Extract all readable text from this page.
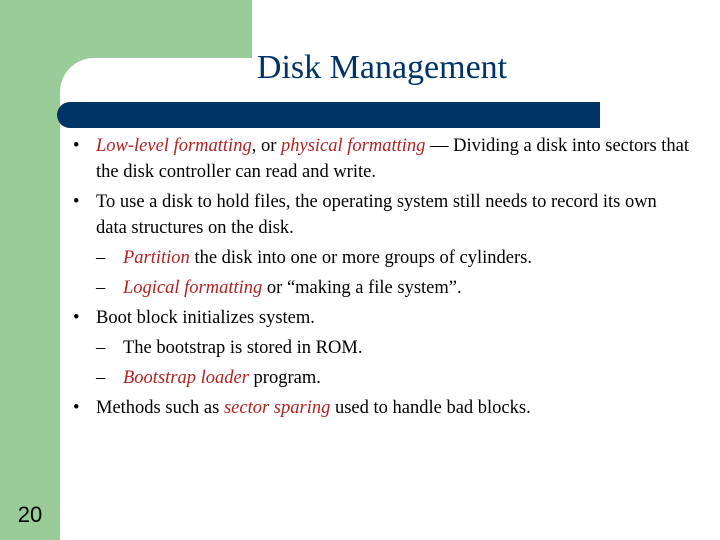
Disk Management
• Low-level formatting, or physical formatting — Dividing a disk into sectors that the disk controller can read and write.
• To use a disk to hold files, the operating system still needs to record its own data structures on the disk.
– Partition the disk into one or more groups of cylinders.
– Logical formatting or “making a file system”.
• Boot block initializes system.
– The bootstrap is stored in ROM.
– Bootstrap loader program.
• Methods such as sector sparing used to handle bad blocks.
20
